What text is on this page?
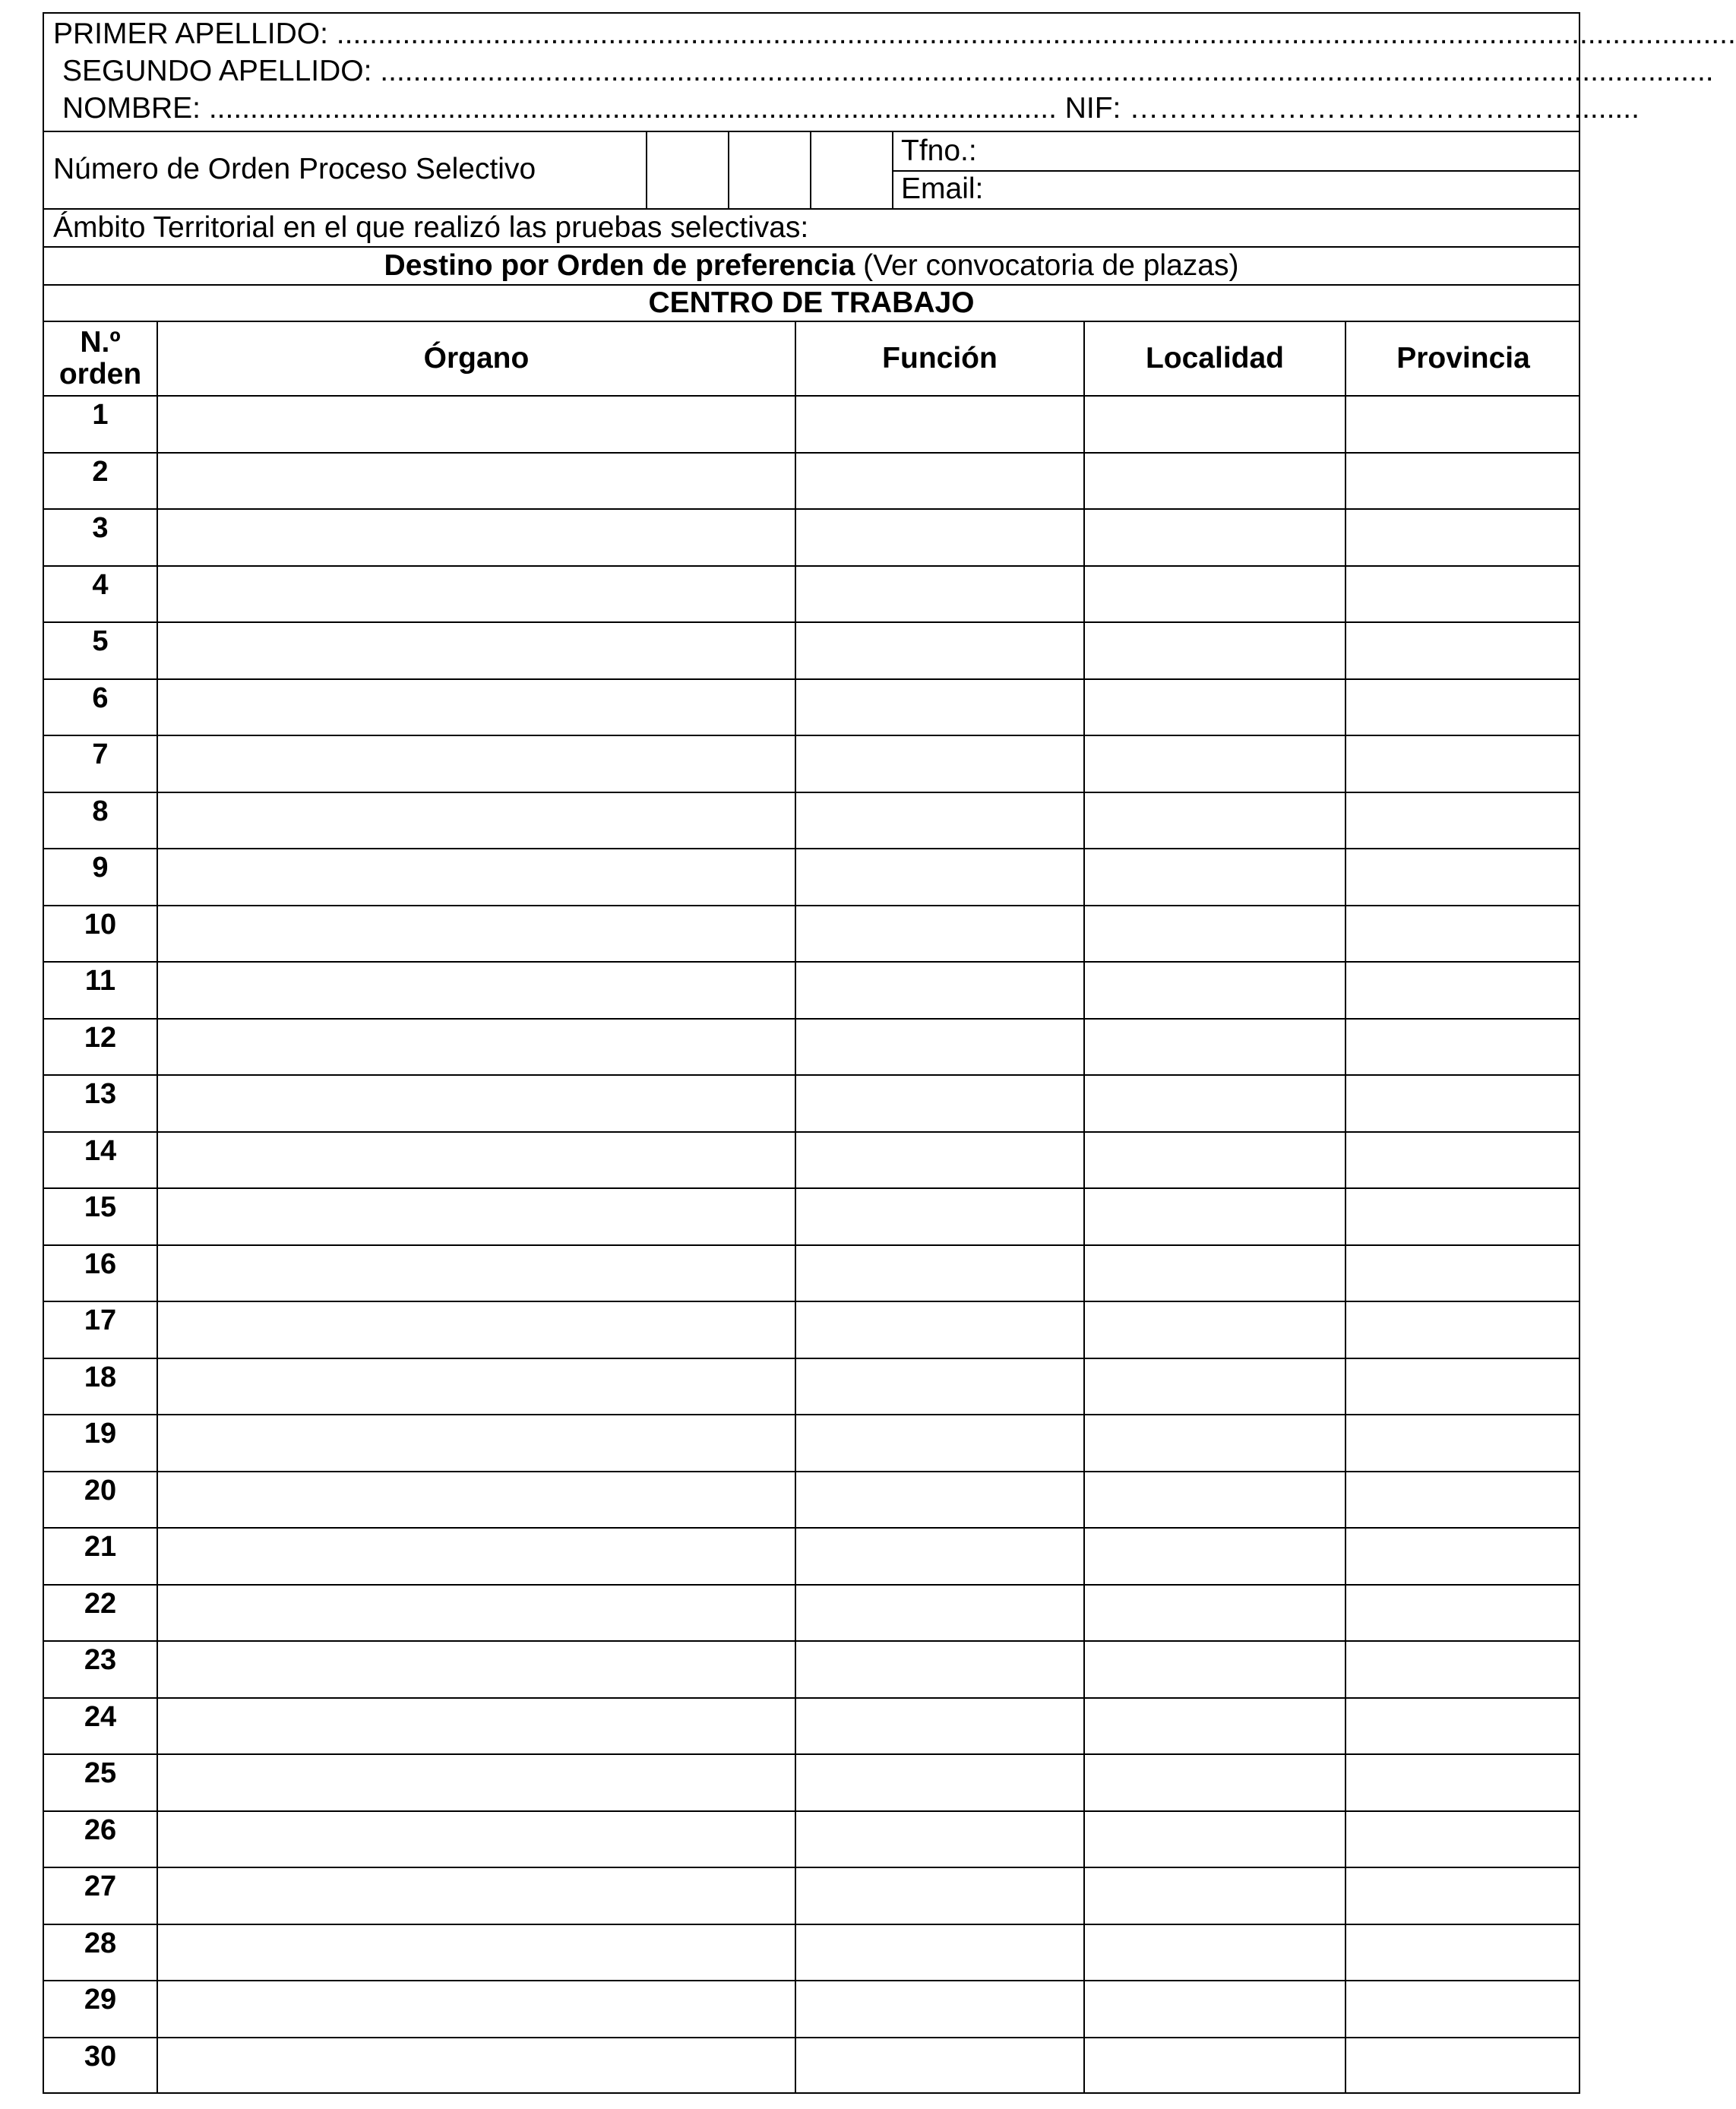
PRIMER APELLIDO: ..........................................................................................................................................................................
SEGUNDO APELLIDO: ..................................................................................................................................................................
NOMBRE: ....................................................................................................... NIF: ………………………………………........
Número de Orden Proceso Selectivo
Tfno.:
Email:
Ámbito Territorial en el que realizó las pruebas selectivas:
Destino por Orden de preferencia (Ver convocatoria de plazas)
CENTRO DE TRABAJO
N.º
orden	Órgano	Función	Localidad	Provincia
1
2
3
4
5
6
7
8
9
10
11
12
13
14
15
16
17
18
19
20
21
22
23
24
25
26
27
28
29
30
